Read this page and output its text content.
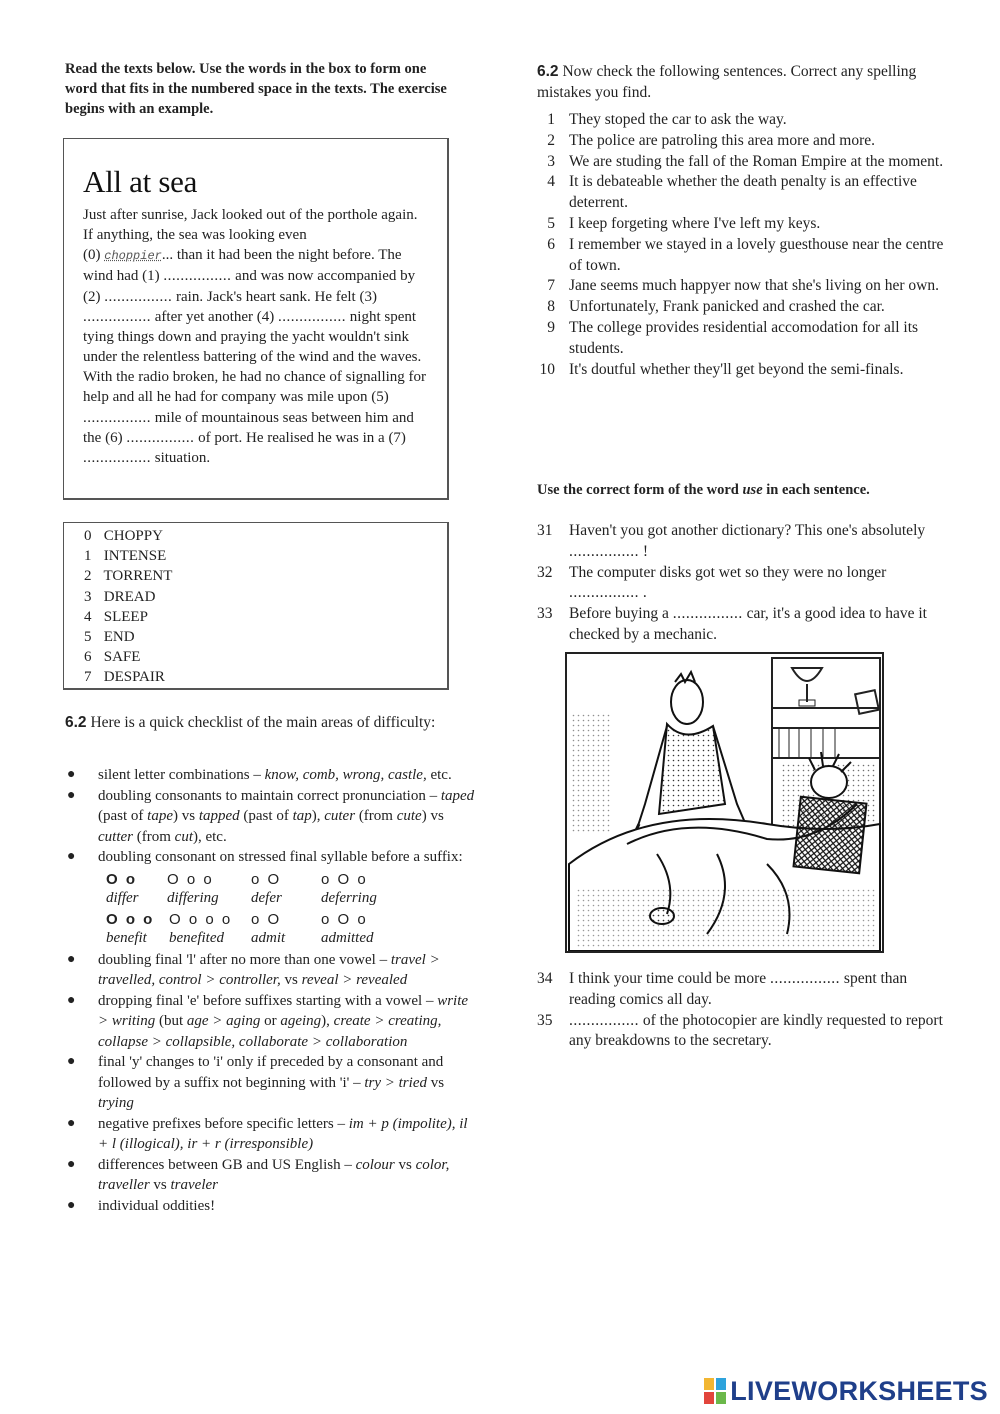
Read the texts below. Use the words in the box to form one word that fits in the numbered space in the texts. The exercise begins with an example.
All at sea
Just after sunrise, Jack looked out of the porthole again. If anything, the sea was looking even
(0) choppier... than it had been the night before. The wind had (1) ................ and was now accompanied by (2) ................ rain. Jack's heart sank. He felt (3) ................ after yet another (4) ................ night spent tying things down and praying the yacht wouldn't sink under the relentless battering of the wind and the waves. With the radio broken, he had no chance of signalling for help and all he had for company was mile upon (5) ................ mile of mountainous seas between him and the (6) ................ of port. He realised he was in a (7) ................ situation.
0 CHOPPY
1 INTENSE
2 TORRENT
3 DREAD
4 SLEEP
5 END
6 SAFE
7 DESPAIR
6.2 Here is a quick checklist of the main areas of difficulty:
● silent letter combinations – know, comb, wrong, castle, etc.
● doubling consonants to maintain correct pronunciation – taped (past of tape) vs tapped (past of tap), cuter (from cute) vs cutter (from cut), etc.
● doubling consonant on stressed final syllable before a suffix:
O o
differ
O o o
differing
o O
defer
o O o
deferring
O o o
benefit
O o o o
benefited
o O
admit
o O o
admitted
● doubling final 'l' after no more than one vowel – travel > travelled, control > controller, vs reveal > revealed
● dropping final 'e' before suffixes starting with a vowel – write > writing (but age > aging or ageing), create > creating, collapse > collapsible, collaborate > collaboration
● final 'y' changes to 'i' only if preceded by a consonant and followed by a suffix not beginning with 'i' – try > tried vs trying
● negative prefixes before specific letters – im + p (impolite), il + l (illogical), ir + r (irresponsible)
● differences between GB and US English – colour vs color, traveller vs traveler
● individual oddities!
6.2 Now check the following sentences. Correct any spelling mistakes you find.
1 They stoped the car to ask the way.
2 The police are patroling this area more and more.
3 We are studing the fall of the Roman Empire at the moment.
4 It is debateable whether the death penalty is an effective deterrent.
5 I keep forgeting where I've left my keys.
6 I remember we stayed in a lovely guesthouse near the centre of town.
7 Jane seems much happyer now that she's living on her own.
8 Unfortunately, Frank panicked and crashed the car.
9 The college provides residential accomodation for all its students.
10 It's doutful whether they'll get beyond the semi-finals.
Use the correct form of the word use in each sentence.
31 Haven't you got another dictionary? This one's absolutely ................ !
32 The computer disks got wet so they were no longer
................ .
33 Before buying a ................ car, it's a good idea to have it checked by a mechanic.
34 I think your time could be more ................ spent than reading comics all day.
35 ................ of the photocopier are kindly requested to report any breakdowns to the secretary.
LIVEWORKSHEETS
